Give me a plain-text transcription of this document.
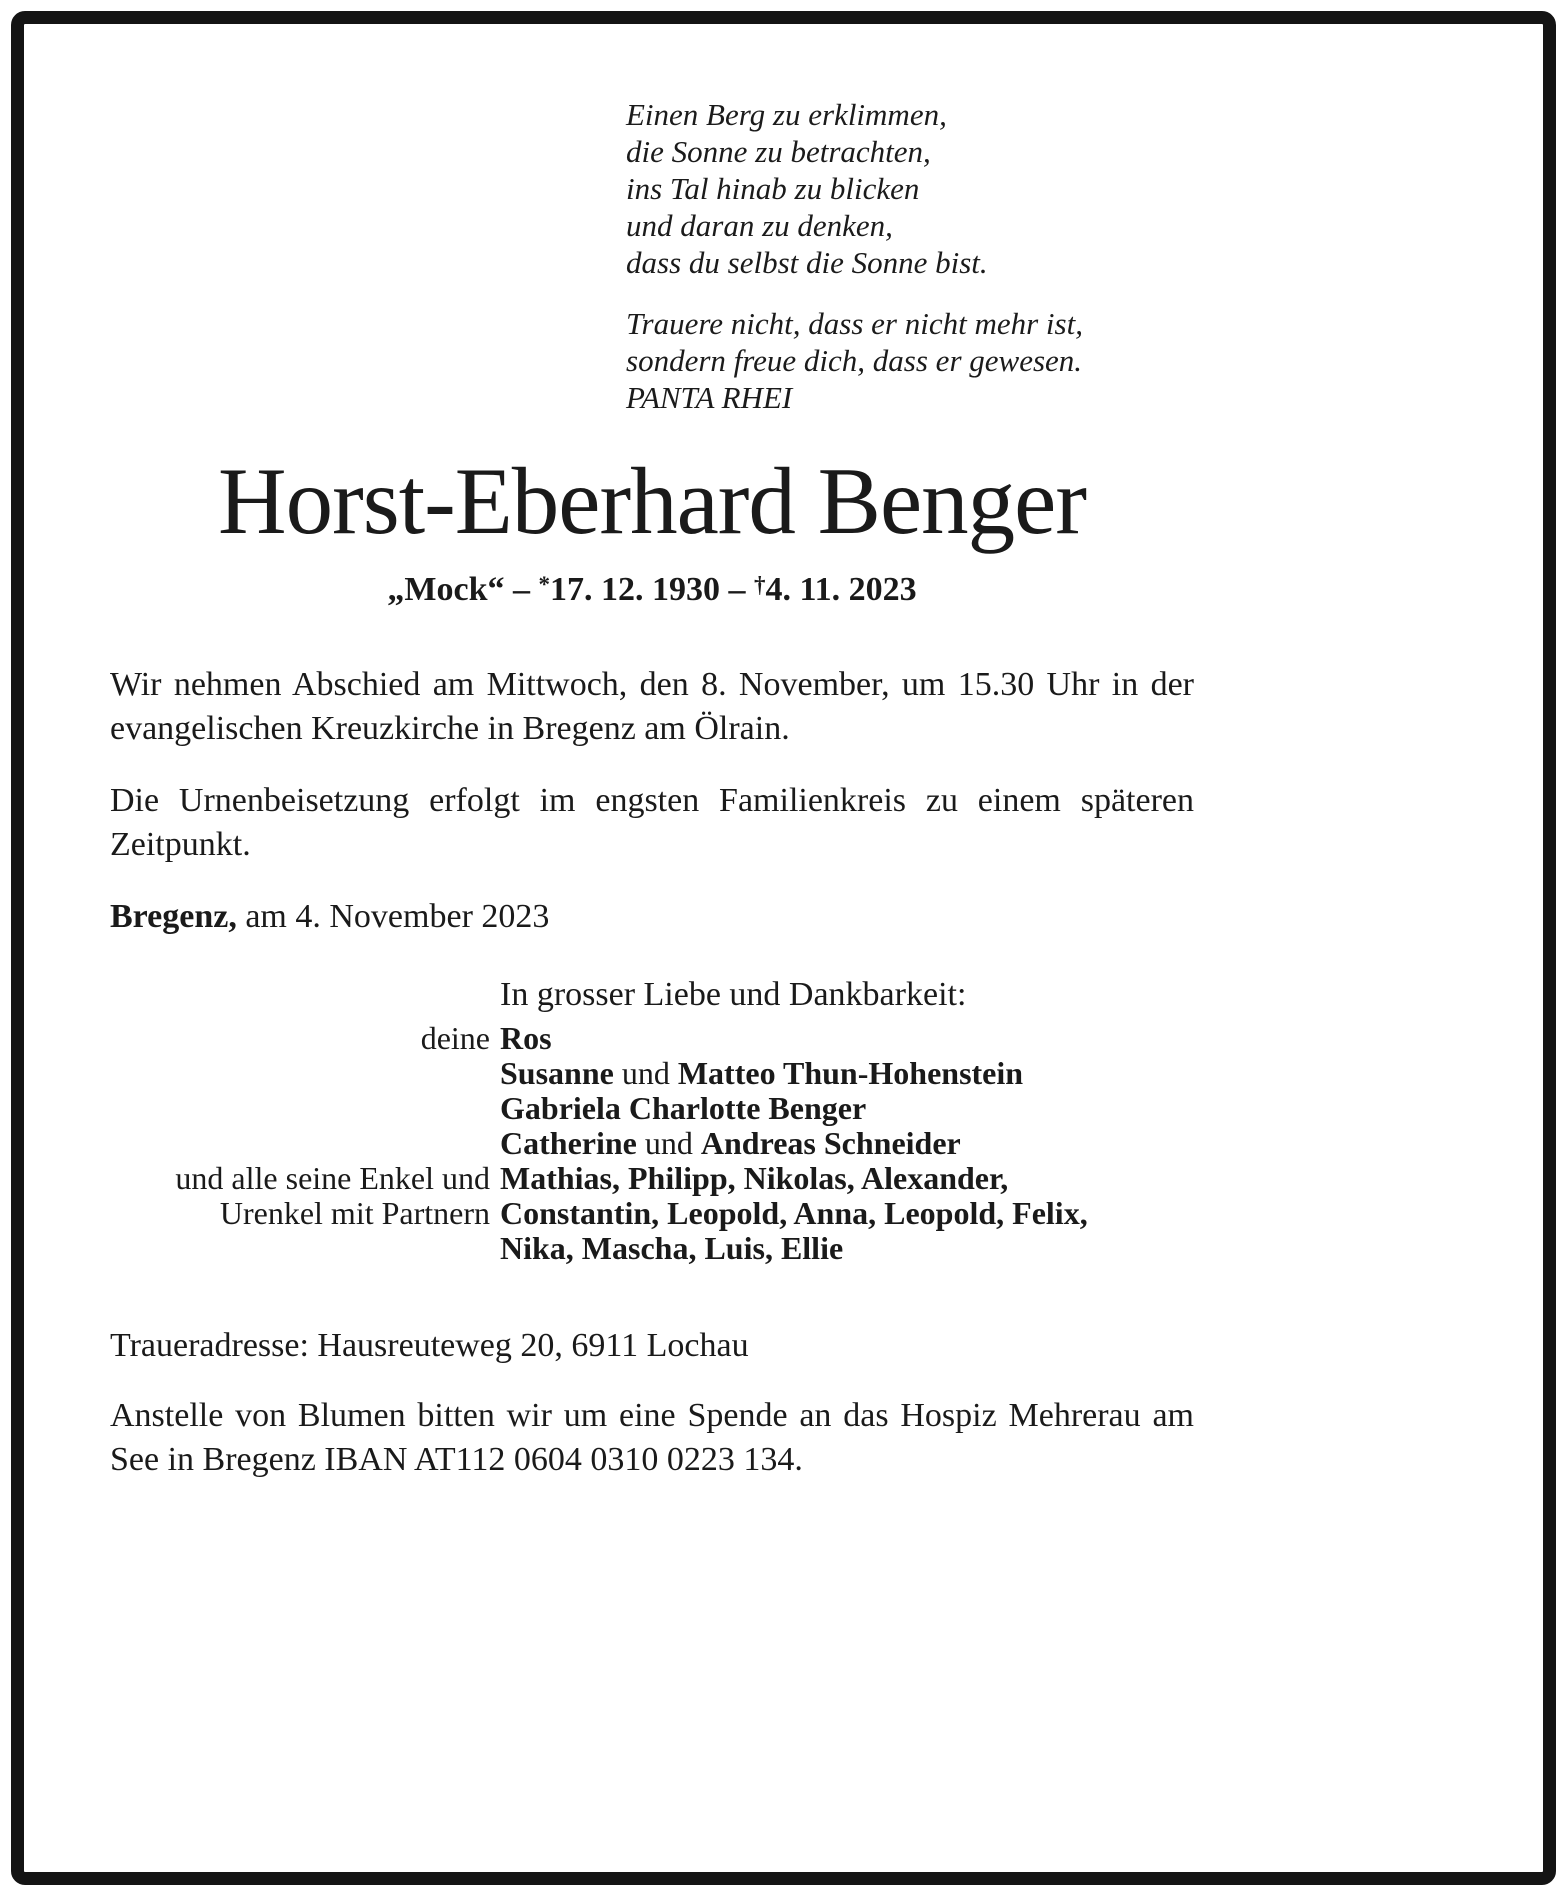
Einen Berg zu erklimmen,
die Sonne zu betrachten,
ins Tal hinab zu blicken
und daran zu denken,
dass du selbst die Sonne bist.
Trauere nicht, dass er nicht mehr ist,
sondern freue dich, dass er gewesen.
PANTA RHEI
Horst-Eberhard Benger
„Mock“ – *17. 12. 1930 – †4. 11. 2023

Wir nehmen Abschied am Mittwoch, den 8. November, um 15.30 Uhr in der evangelischen Kreuzkirche in Bregenz am Ölrain.

Die Urnenbeisetzung erfolgt im engsten Familienkreis zu einem späteren Zeitpunkt.

Bregenz, am 4. November 2023

In grosser Liebe und Dankbarkeit:
deine Ros
Susanne und Matteo Thun-Hohenstein
Gabriela Charlotte Benger
Catherine und Andreas Schneider
und alle seine Enkel und Mathias, Philipp, Nikolas, Alexander,
Urenkel mit Partnern Constantin, Leopold, Anna, Leopold, Felix,
Nika, Mascha, Luis, Ellie

Traueradresse: Hausreuteweg 20, 6911 Lochau

Anstelle von Blumen bitten wir um eine Spende an das Hospiz Mehrerau am See in Bregenz IBAN AT112 0604 0310 0223 134.
